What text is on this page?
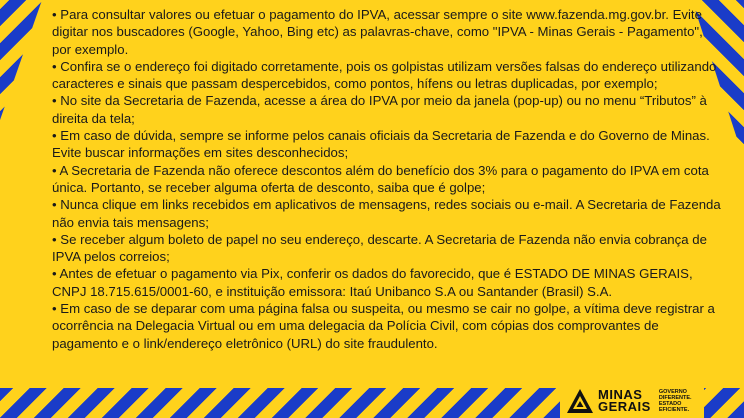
• Para consultar valores ou efetuar o pagamento do IPVA, acessar sempre o site www.fazenda.mg.gov.br. Evite digitar nos buscadores (Google, Yahoo, Bing etc) as palavras-chave, como "IPVA - Minas Gerais - Pagamento", por exemplo.

• Confira se o endereço foi digitado corretamente, pois os golpistas utilizam versões falsas do endereço utilizando caracteres e sinais que passam despercebidos, como pontos, hífens ou letras duplicadas, por exemplo;

• No site da Secretaria de Fazenda, acesse a área do IPVA por meio da janela (pop-up) ou no menu “Tributos” à direita da tela;

• Em caso de dúvida, sempre se informe pelos canais oficiais da Secretaria de Fazenda e do Governo de Minas. Evite buscar informações em sites desconhecidos;

• A Secretaria de Fazenda não oferece descontos além do benefício dos 3% para o pagamento do IPVA em cota única. Portanto, se receber alguma oferta de desconto, saiba que é golpe;

• Nunca clique em links recebidos em aplicativos de mensagens, redes sociais ou e-mail. A Secretaria de Fazenda não envia tais mensagens;

• Se receber algum boleto de papel no seu endereço, descarte. A Secretaria de Fazenda não envia cobrança de IPVA pelos correios;

• Antes de efetuar o pagamento via Pix, conferir os dados do favorecido, que é ESTADO DE MINAS GERAIS, CNPJ 18.715.615/0001-60, e instituição emissora: Itaú Unibanco S.A ou Santander (Brasil) S.A.

• Em caso de se deparar com uma página falsa ou suspeita, ou mesmo se cair no golpe, a vítima deve registrar a ocorrência na Delegacia Virtual ou em uma delegacia da Polícia Civil, com cópias dos comprovantes de pagamento e o link/endereço eletrônico (URL) do site fraudulento.

MINAS
GERAIS
GOVERNO
DIFERENTE.
ESTADO
EFICIENTE.
